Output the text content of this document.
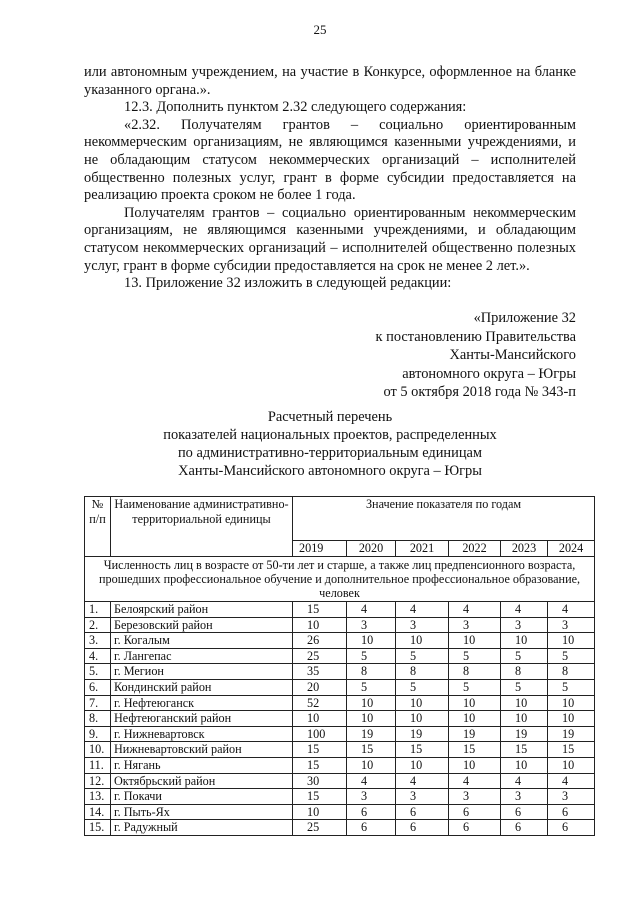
25

или автономным учреждением, на участие в Конкурсе, оформленное на бланке указанного органа.».

12.3. Дополнить пунктом 2.32 следующего содержания:

«2.32. Получателям грантов – социально ориентированным некоммерческим организациям, не являющимся казенными учреждениями, и не обладающим статусом некоммерческих организаций – исполнителей общественно полезных услуг, грант в форме субсидии предоставляется на реализацию проекта сроком не более 1 года.

Получателям грантов – социально ориентированным некоммерческим организациям, не являющимся казенными учреждениями, и обладающим статусом некоммерческих организаций – исполнителей общественно полезных услуг, грант в форме субсидии предоставляется на срок не менее 2 лет.».

13. Приложение 32 изложить в следующей редакции:

«Приложение 32
к постановлению Правительства
Ханты-Мансийского
автономного округа – Югры
от 5 октября 2018 года № 343-п
Расчетный перечень
показателей национальных проектов, распределенных
по административно-территориальным единицам
Ханты-Мансийского автономного округа – Югры
№ п/п	Наименование административно-территориальной единицы	Значение показателя по годам					
		2019	2020	2021	2022	2023	2024
Численность лиц в возрасте от 50-ти лет и старше, а также лиц предпенсионного возраста, прошедших профессиональное обучение и дополнительное профессиональное образование, человек							
1.	Белоярский район	15	4	4	4	4	4
2.	Березовский район	10	3	3	3	3	3
3.	г. Когалым	26	10	10	10	10	10
4.	г. Лангепас	25	5	5	5	5	5
5.	г. Мегион	35	8	8	8	8	8
6.	Кондинский район	20	5	5	5	5	5
7.	г. Нефтеюганск	52	10	10	10	10	10
8.	Нефтеюганский район	10	10	10	10	10	10
9.	г. Нижневартовск	100	19	19	19	19	19
10.	Нижневартовский район	15	15	15	15	15	15
11.	г. Нягань	15	10	10	10	10	10
12.	Октябрьский район	30	4	4	4	4	4
13.	г. Покачи	15	3	3	3	3	3
14.	г. Пыть-Ях	10	6	6	6	6	6
15.	г. Радужный	25	6	6	6	6	6
